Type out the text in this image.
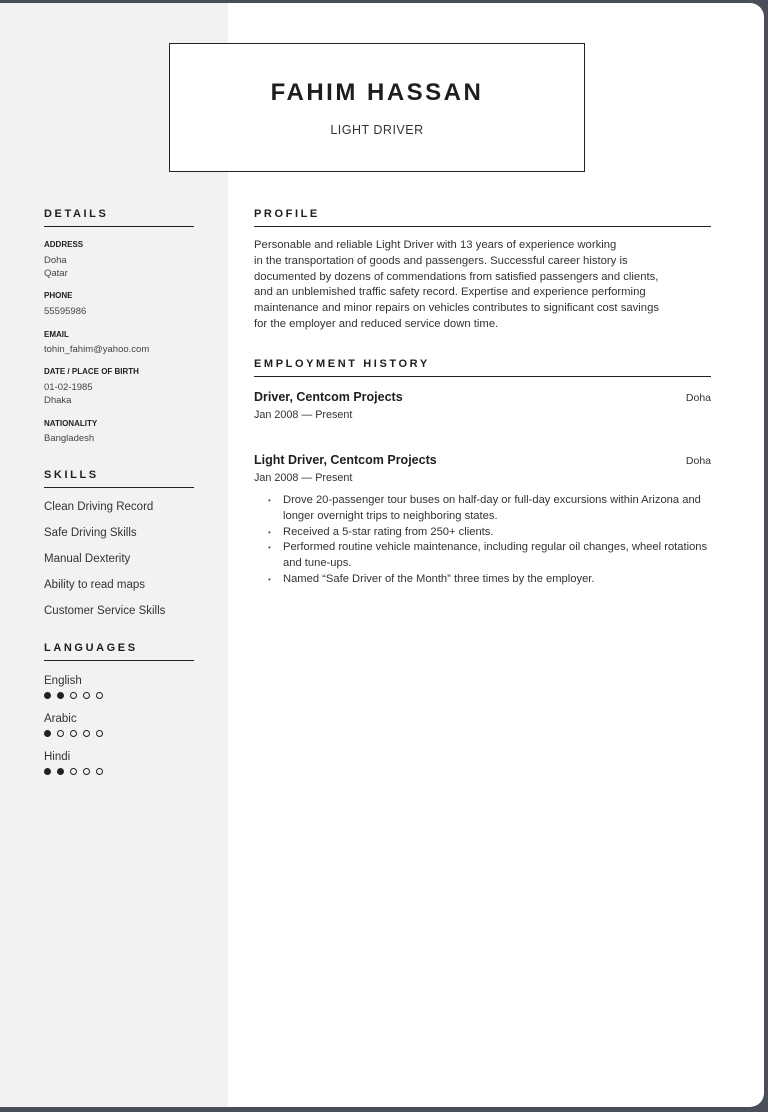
FAHIM HASSAN
LIGHT DRIVER
DETAILS
ADDRESS
Doha
Qatar
PHONE
55595986
EMAIL
tohin_fahim@yahoo.com
DATE / PLACE OF BIRTH
01-02-1985
Dhaka
NATIONALITY
Bangladesh
SKILLS
Clean Driving Record
Safe Driving Skills
Manual Dexterity
Ability to read maps
Customer Service Skills
LANGUAGES
English
Arabic
Hindi
PROFILE
Personable and reliable Light Driver with 13 years of experience working
in the transportation of goods and passengers. Successful career history is
documented by dozens of commendations from satisfied passengers and clients,
and an unblemished traffic safety record. Expertise and experience performing
maintenance and minor repairs on vehicles contributes to significant cost savings
for the employer and reduced service down time.
EMPLOYMENT HISTORY
Driver, Centcom Projects	Doha
Jan 2008 — Present
Light Driver, Centcom Projects	Doha
Jan 2008 — Present
• Drove 20-passenger tour buses on half-day or full-day excursions within Arizona and longer overnight trips to neighboring states.
• Received a 5-star rating from 250+ clients.
• Performed routine vehicle maintenance, including regular oil changes, wheel rotations and tune-ups.
• Named “Safe Driver of the Month” three times by the employer.
